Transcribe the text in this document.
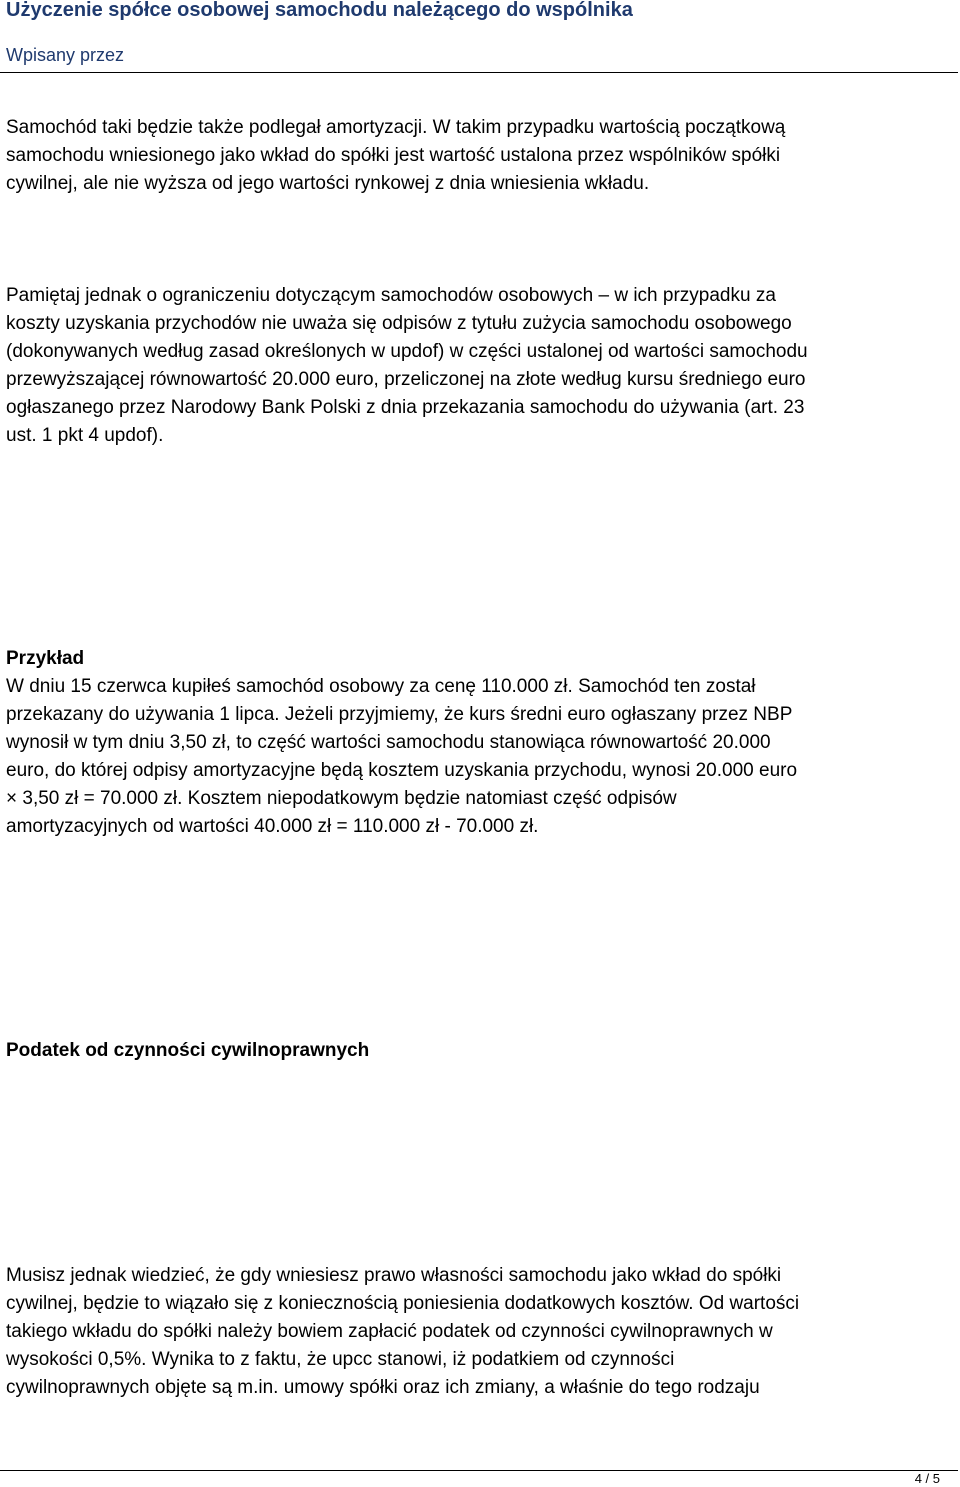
Użyczenie spółce osobowej samochodu należącego do wspólnika
Wpisany przez
Samochód taki będzie także podlegał amortyzacji. W takim przypadku wartością początkową
samochodu wniesionego jako wkład do spółki jest wartość ustalona przez wspólników spółki
cywilnej, ale nie wyższa od jego wartości rynkowej z dnia wniesienia wkładu.
Pamiętaj jednak o ograniczeniu dotyczącym samochodów osobowych – w ich przypadku za
koszty uzyskania przychodów nie uważa się odpisów z tytułu zużycia samochodu osobowego
(dokonywanych według zasad określonych w updof) w części ustalonej od wartości samochodu
przewyższającej równowartość 20.000 euro, przeliczonej na złote według kursu średniego euro
ogłaszanego przez Narodowy Bank Polski z dnia przekazania samochodu do używania (art. 23
ust. 1 pkt 4 updof).
Przykład
W dniu 15 czerwca kupiłeś samochód osobowy za cenę 110.000 zł. Samochód ten został
przekazany do używania 1 lipca. Jeżeli przyjmiemy, że kurs średni euro ogłaszany przez NBP
wynosił w tym dniu 3,50 zł, to część wartości samochodu stanowiąca równowartość 20.000
euro, do której odpisy amortyzacyjne będą kosztem uzyskania przychodu, wynosi 20.000 euro
× 3,50 zł = 70.000 zł. Kosztem niepodatkowym będzie natomiast część odpisów
amortyzacyjnych od wartości 40.000 zł = 110.000 zł - 70.000 zł.
Podatek od czynności cywilnoprawnych
Musisz jednak wiedzieć, że gdy wniesiesz prawo własności samochodu jako wkład do spółki
cywilnej, będzie to wiązało się z koniecznością poniesienia dodatkowych kosztów. Od wartości
takiego wkładu do spółki należy bowiem zapłacić podatek od czynności cywilnoprawnych w
wysokości 0,5%. Wynika to z faktu, że upcc stanowi, iż podatkiem od czynności
cywilnoprawnych objęte są m.in. umowy spółki oraz ich zmiany, a właśnie do tego rodzaju
4 / 5
